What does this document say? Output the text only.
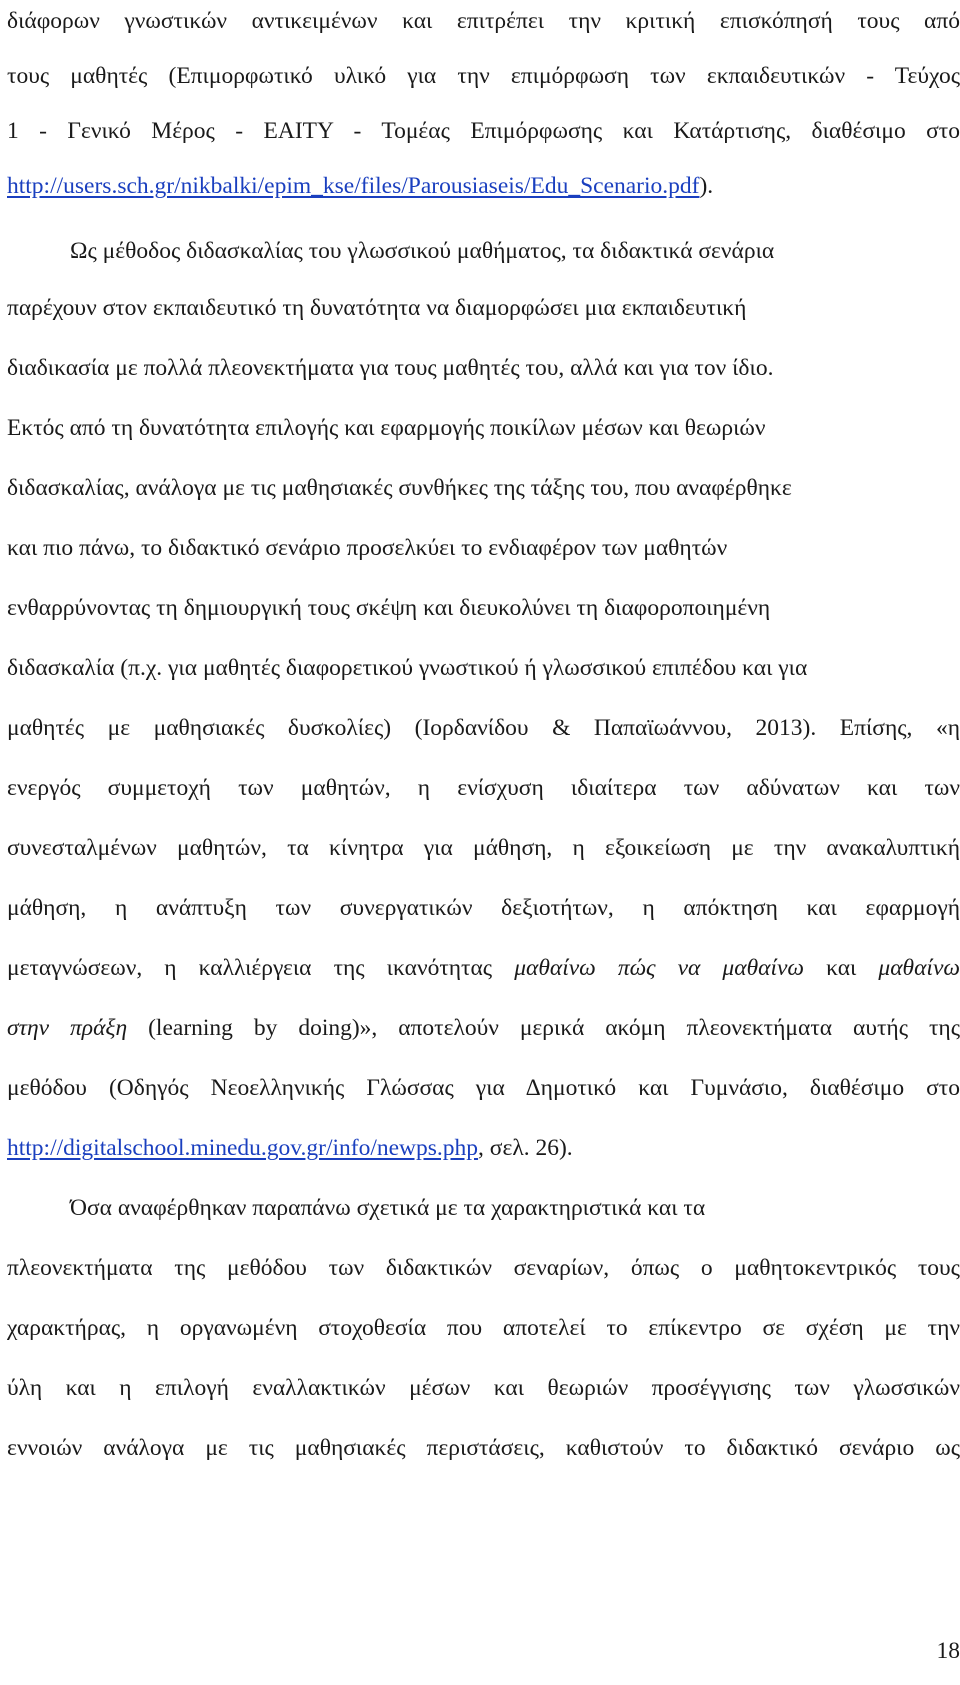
διάφορων γνωστικών αντικειμένων και επιτρέπει την κριτική επισκόπησή τους από
τους μαθητές (Επιμορφωτικό υλικό για την επιμόρφωση των εκπαιδευτικών - Τεύχος
1 - Γενικό Μέρος - ΕΑΙΤΥ - Τομέας Επιμόρφωσης και Κατάρτισης, διαθέσιμο στο
http://users.sch.gr/nikbalki/epim_kse/files/Parousiaseis/Edu_Scenario.pdf).
Ως μέθοδος διδασκαλίας του γλωσσικού μαθήματος, τα διδακτικά σενάρια
παρέχουν στον εκπαιδευτικό τη δυνατότητα να διαμορφώσει μια εκπαιδευτική
διαδικασία με πολλά πλεονεκτήματα για τους μαθητές του, αλλά και για τον ίδιο.
Εκτός από τη δυνατότητα επιλογής και εφαρμογής ποικίλων μέσων και θεωριών
διδασκαλίας, ανάλογα με τις μαθησιακές συνθήκες της τάξης του, που αναφέρθηκε
και πιο πάνω, το διδακτικό σενάριο προσελκύει το ενδιαφέρον των μαθητών
ενθαρρύνοντας τη δημιουργική τους σκέψη και διευκολύνει τη διαφοροποιημένη
διδασκαλία (π.χ. για μαθητές διαφορετικού γνωστικού ή γλωσσικού επιπέδου και για
μαθητές με μαθησιακές δυσκολίες) (Ιορδανίδου & Παπαϊωάννου, 2013). Επίσης, «η
ενεργός συμμετοχή των μαθητών, η ενίσχυση ιδιαίτερα των αδύνατων και των
συνεσταλμένων μαθητών, τα κίνητρα για μάθηση, η εξοικείωση με την ανακαλυπτική
μάθηση, η ανάπτυξη των συνεργατικών δεξιοτήτων, η απόκτηση και εφαρμογή
μεταγνώσεων, η καλλιέργεια της ικανότητας μαθαίνω πώς να μαθαίνω και μαθαίνω
στην πράξη (learning by doing)», αποτελούν μερικά ακόμη πλεονεκτήματα αυτής της
μεθόδου (Οδηγός Νεοελληνικής Γλώσσας για Δημοτικό και Γυμνάσιο, διαθέσιμο στο
http://digitalschool.minedu.gov.gr/info/newps.php, σελ. 26).
Όσα αναφέρθηκαν παραπάνω σχετικά με τα χαρακτηριστικά και τα
πλεονεκτήματα της μεθόδου των διδακτικών σεναρίων, όπως ο μαθητοκεντρικός τους
χαρακτήρας, η οργανωμένη στοχοθεσία που αποτελεί το επίκεντρο σε σχέση με την
ύλη και η επιλογή εναλλακτικών μέσων και θεωριών προσέγγισης των γλωσσικών
εννοιών ανάλογα με τις μαθησιακές περιστάσεις, καθιστούν το διδακτικό σενάριο ως
18
